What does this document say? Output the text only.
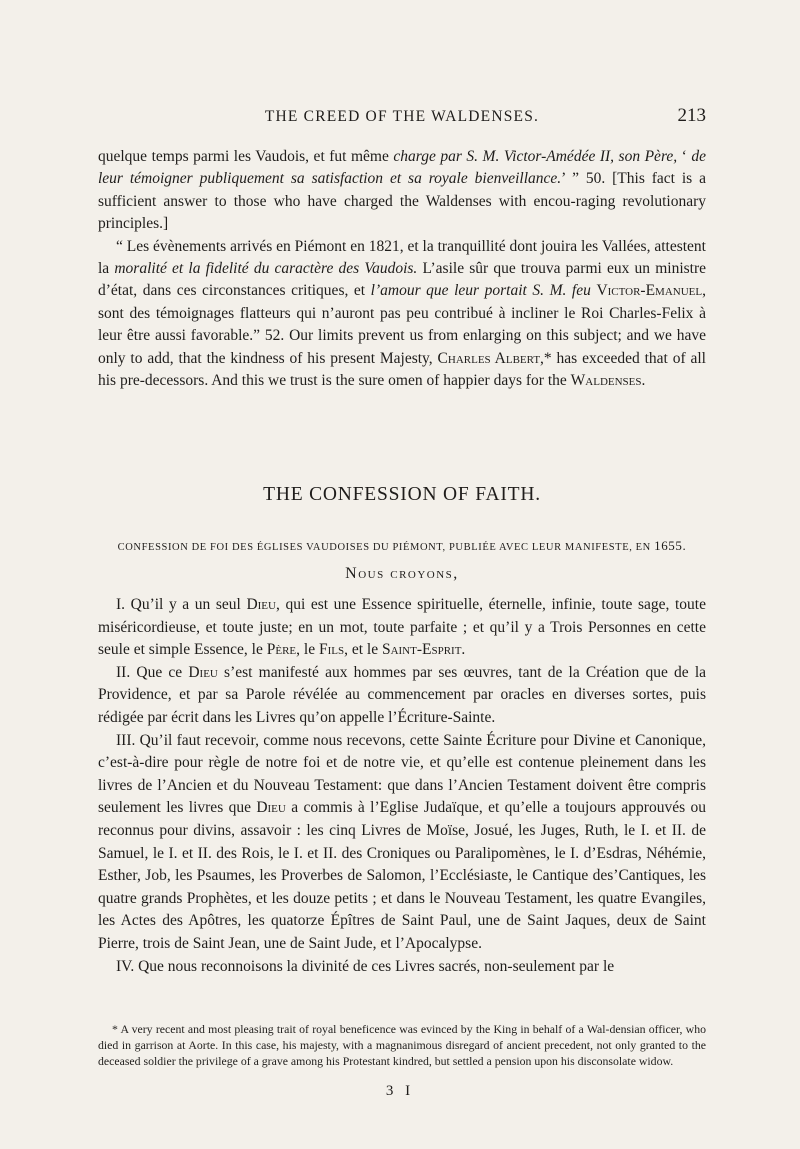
THE CREED OF THE WALDENSES.	213

quelque temps parmi les Vaudois, et fut même charge par S. M. Victor-Amédée II, son Père, ‘ de leur témoigner publiquement sa satisfaction et sa royale bienveillance.’ ” 50. [This fact is a sufficient answer to those who have charged the Waldenses with encou-raging revolutionary principles.]

“ Les évènements arrivés en Piémont en 1821, et la tranquillité dont jouira les Vallées, attestent la moralité et la fidelité du caractère des Vaudois. L’asile sûr que trouva parmi eux un ministre d’état, dans ces circonstances critiques, et l’amour que leur portait S. M. feu Victor-Emanuel, sont des témoignages flatteurs qui n’auront pas peu contribué à incliner le Roi Charles-Felix à leur être aussi favorable.” 52. Our limits prevent us from enlarging on this subject; and we have only to add, that the kindness of his present Majesty, Charles Albert,* has exceeded that of all his pre-decessors. And this we trust is the sure omen of happier days for the Waldenses.

THE CONFESSION OF FAITH.
CONFESSION DE FOI DES ÉGLISES VAUDOISES DU PIÉMONT, PUBLIÉE AVEC LEUR MANIFESTE, EN 1655.
Nous croyons,

I. Qu’il y a un seul Dieu, qui est une Essence spirituelle, éternelle, infinie, toute sage, toute miséricordieuse, et toute juste; en un mot, toute parfaite ; et qu’il y a Trois Personnes en cette seule et simple Essence, le Père, le Fils, et le Saint-Esprit.

II. Que ce Dieu s’est manifesté aux hommes par ses œuvres, tant de la Création que de la Providence, et par sa Parole révélée au commencement par oracles en diverses sortes, puis rédigée par écrit dans les Livres qu’on appelle l’Écriture-Sainte.

III. Qu’il faut recevoir, comme nous recevons, cette Sainte Écriture pour Divine et Canonique, c’est-à-dire pour règle de notre foi et de notre vie, et qu’elle est contenue pleinement dans les livres de l’Ancien et du Nouveau Testament: que dans l’Ancien Testament doivent être compris seulement les livres que Dieu a commis à l’Eglise Judaïque, et qu’elle a toujours approuvés ou reconnus pour divins, assavoir : les cinq Livres de Moïse, Josué, les Juges, Ruth, le I. et II. de Samuel, le I. et II. des Rois, le I. et II. des Croniques ou Paralipomènes, le I. d’Esdras, Néhémie, Esther, Job, les Psaumes, les Proverbes de Salomon, l’Ecclésiaste, le Cantique des’Cantiques, les quatre grands Prophètes, et les douze petits ; et dans le Nouveau Testament, les quatre Evangiles, les Actes des Apôtres, les quatorze Épîtres de Saint Paul, une de Saint Jaques, deux de Saint Pierre, trois de Saint Jean, une de Saint Jude, et l’Apocalypse.

IV. Que nous reconnoisons la divinité de ces Livres sacrés, non-seulement par le

* A very recent and most pleasing trait of royal beneficence was evinced by the King in behalf of a Wal-densian officer, who died in garrison at Aorte. In this case, his majesty, with a magnanimous disregard of ancient precedent, not only granted to the deceased soldier the privilege of a grave among his Protestant kindred, but settled a pension upon his disconsolate widow.

3 I
